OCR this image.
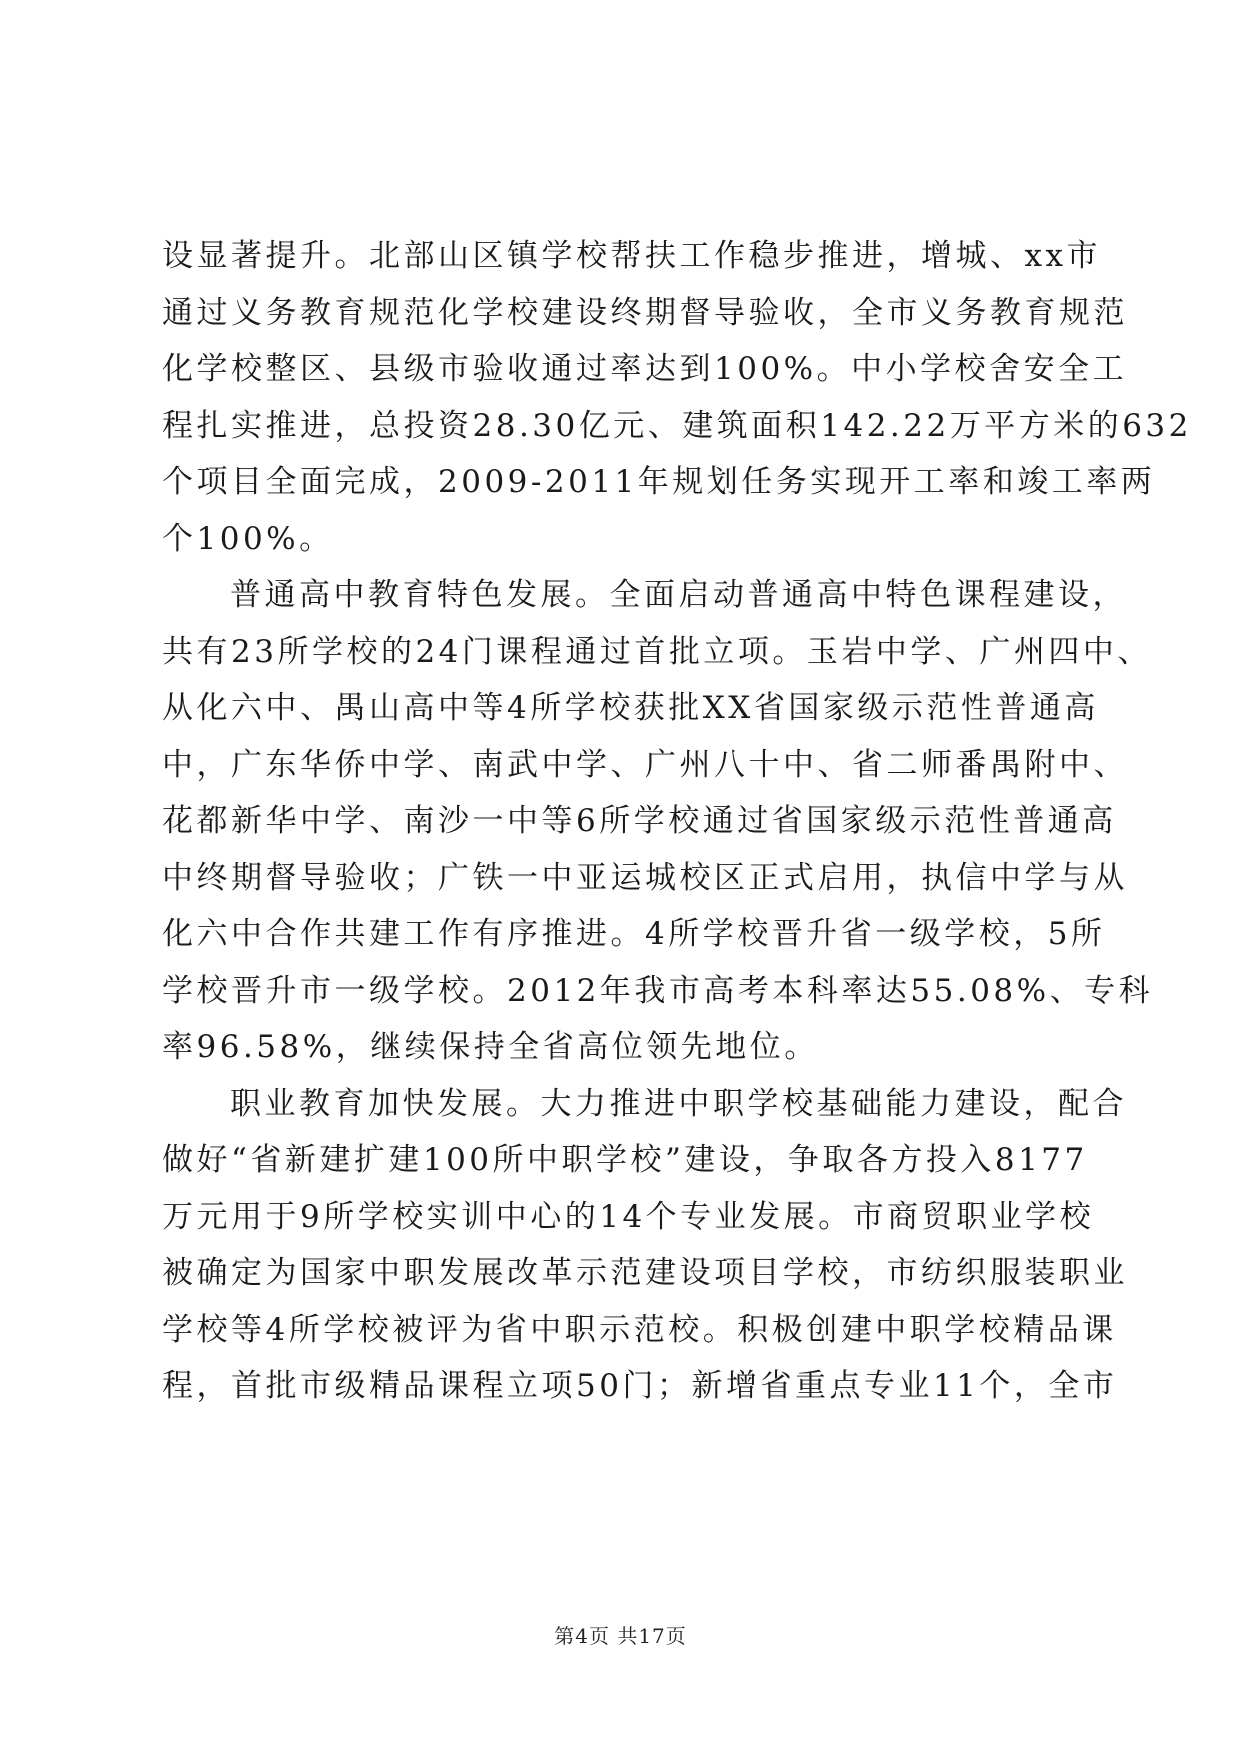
设显著提升。北部山区镇学校帮扶工作稳步推进，增城、xx市
通过义务教育规范化学校建设终期督导验收，全市义务教育规范
化学校整区、县级市验收通过率达到100%。中小学校舍安全工
程扎实推进，总投资28.30亿元、建筑面积142.22万平方米的632
个项目全面完成，2009-2011年规划任务实现开工率和竣工率两
个100%。
普通高中教育特色发展。全面启动普通高中特色课程建设，
共有23所学校的24门课程通过首批立项。玉岩中学、广州四中、
从化六中、禺山高中等4所学校获批XX省国家级示范性普通高
中，广东华侨中学、南武中学、广州八十中、省二师番禺附中、
花都新华中学、南沙一中等6所学校通过省国家级示范性普通高
中终期督导验收；广铁一中亚运城校区正式启用，执信中学与从
化六中合作共建工作有序推进。4所学校晋升省一级学校，5所
学校晋升市一级学校。2012年我市高考本科率达55.08%、专科
率96.58%，继续保持全省高位领先地位。
职业教育加快发展。大力推进中职学校基础能力建设，配合
做好“省新建扩建100所中职学校”建设，争取各方投入8177
万元用于9所学校实训中心的14个专业发展。市商贸职业学校
被确定为国家中职发展改革示范建设项目学校，市纺织服装职业
学校等4所学校被评为省中职示范校。积极创建中职学校精品课
程，首批市级精品课程立项50门；新增省重点专业11个，全市
第4页 共17页
